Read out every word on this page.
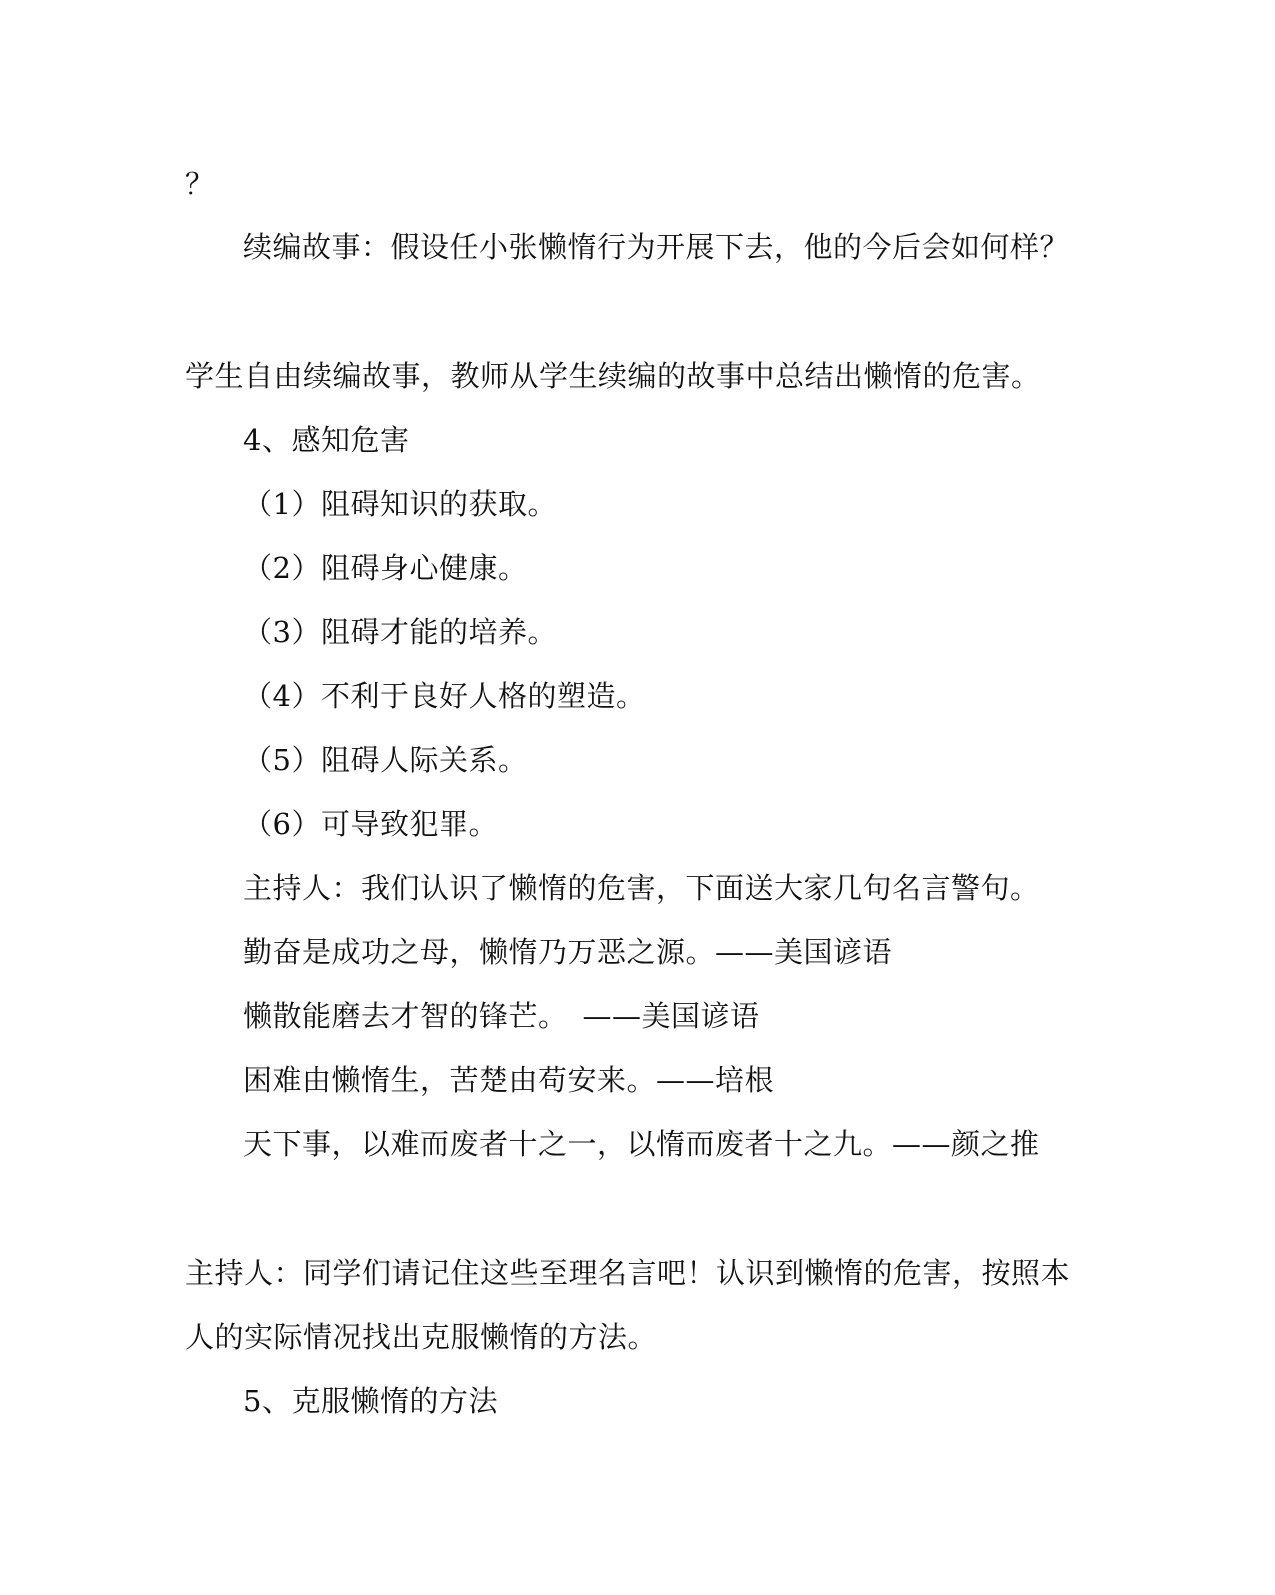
？
续编故事：假设任小张懒惰行为开展下去，他的今后会如何样？
学生自由续编故事，教师从学生续编的故事中总结出懒惰的危害。
4、感知危害
（1）阻碍知识的获取。
（2）阻碍身心健康。
（3）阻碍才能的培养。
（4）不利于良好人格的塑造。
（5）阻碍人际关系。
（6）可导致犯罪。
主持人：我们认识了懒惰的危害，下面送大家几句名言警句。
勤奋是成功之母，懒惰乃万恶之源。——美国谚语
懒散能磨去才智的锋芒。　——美国谚语
困难由懒惰生，苦楚由苟安来。——培根
天下事，以难而废者十之一，以惰而废者十之九。——颜之推
主持人：同学们请记住这些至理名言吧！认识到懒惰的危害，按照本
人的实际情况找出克服懒惰的方法。
5、克服懒惰的方法
